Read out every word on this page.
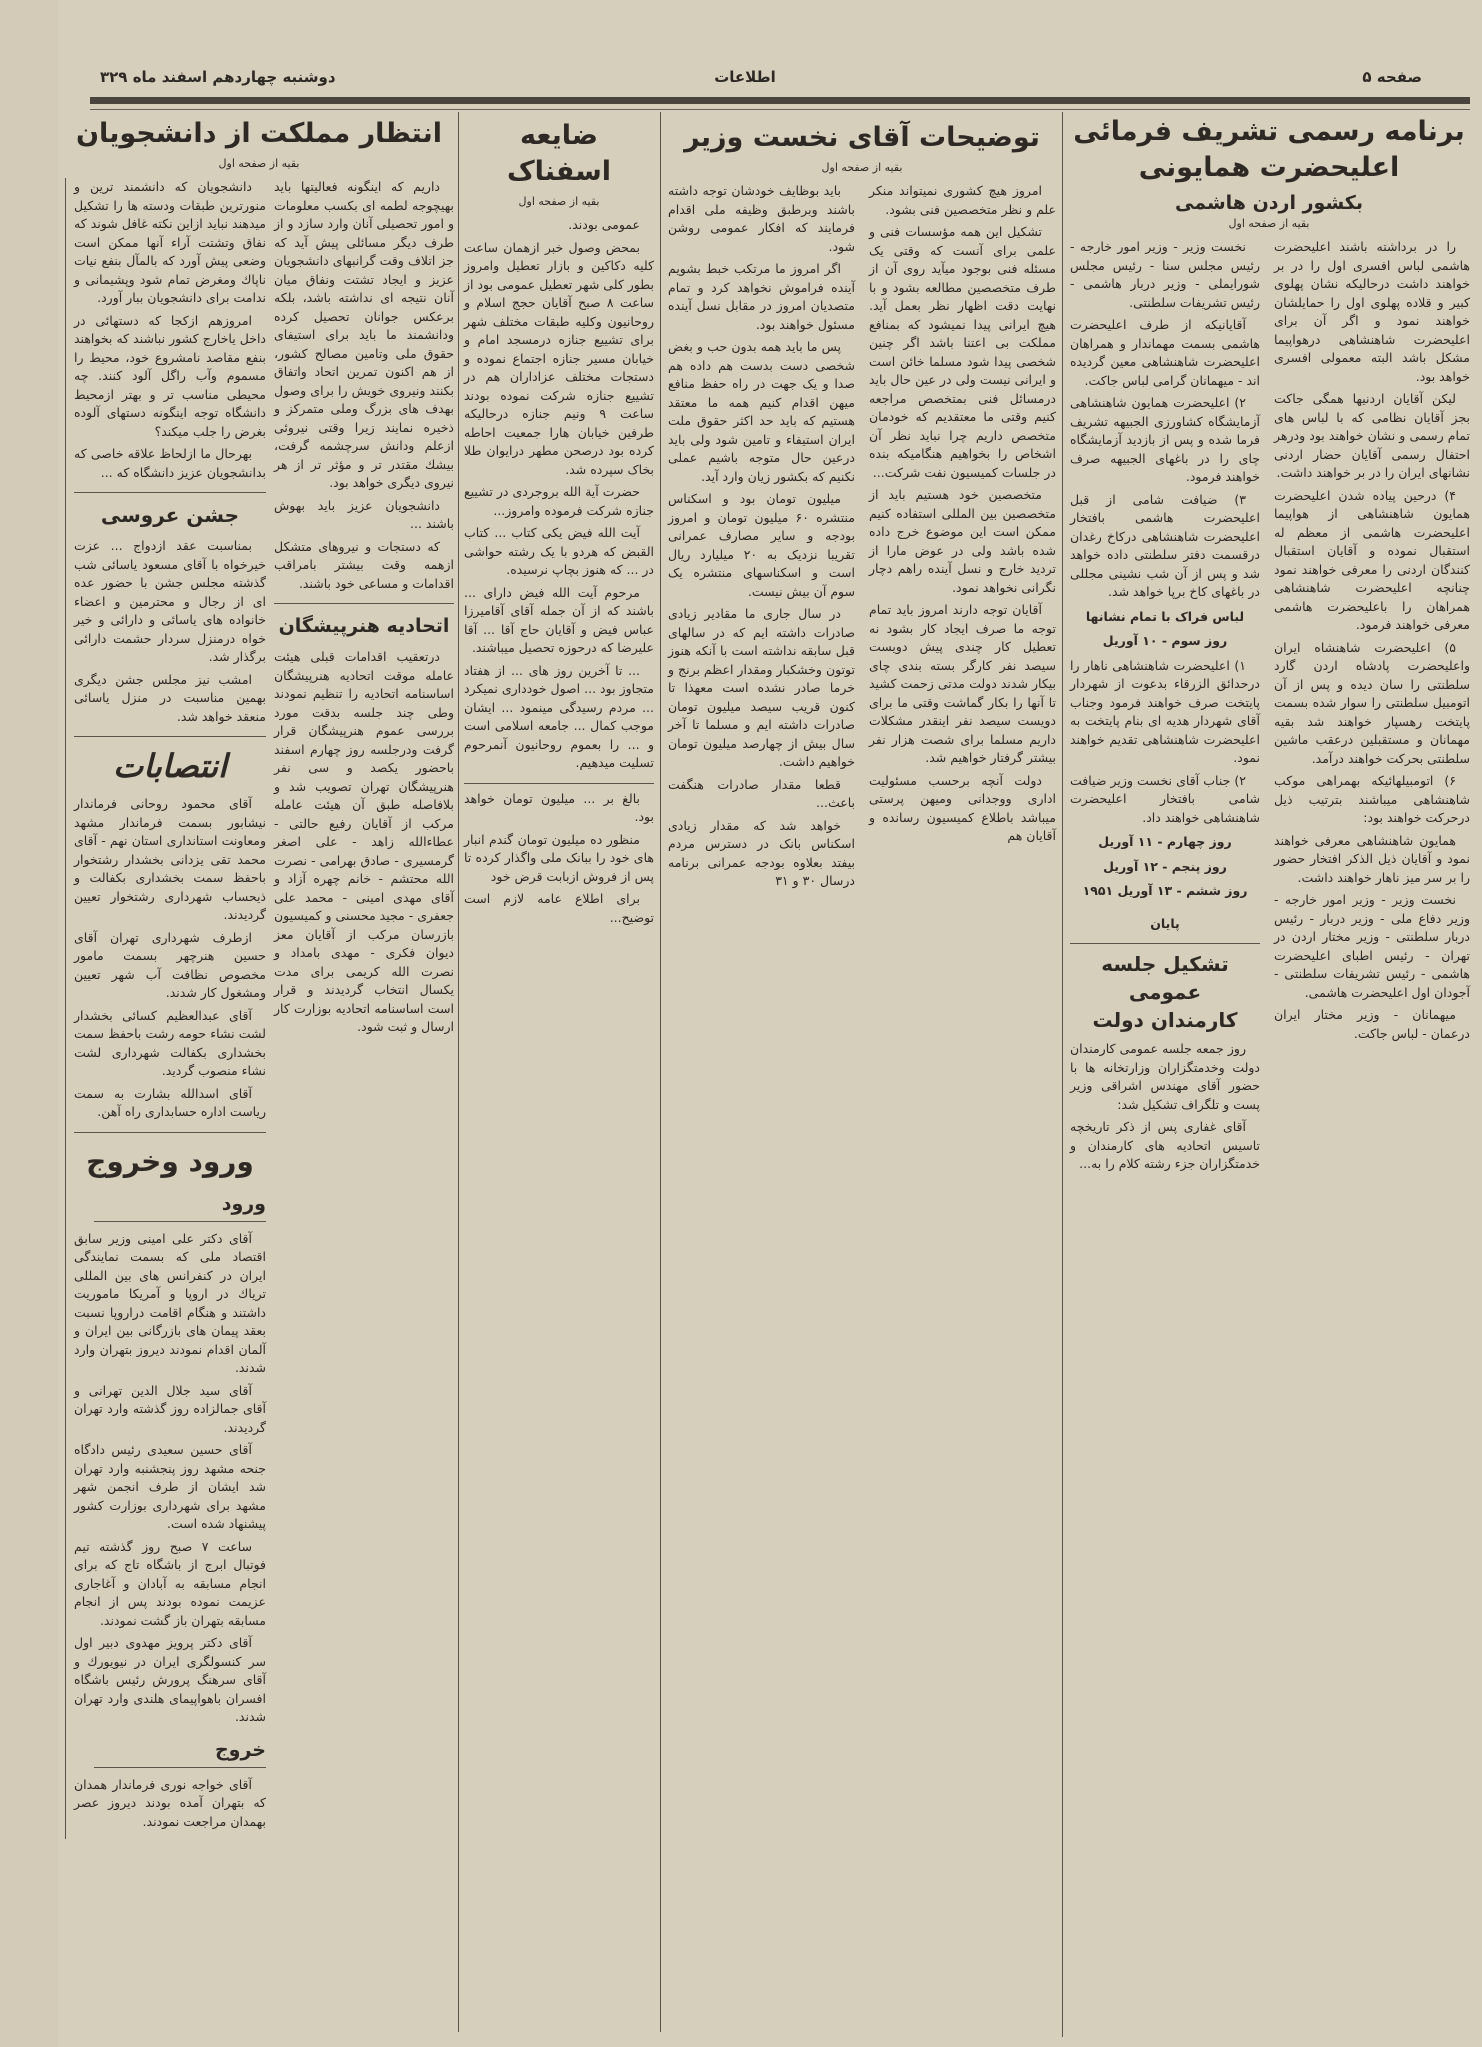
صفحه ۵
اطلاعات
دوشنبه چهاردهم اسفند ماه ۳۲۹
برنامه رسمی تشریف فرمائی اعلیحضرت همایونی
بکشور اردن هاشمی
بقیه از صفحه اول

را در برداشته باشند اعلیحضرت هاشمی لباس افسری اول را در بر خواهند داشت درحالیکه نشان پهلوی کبیر و قلاده پهلوی اول را حمایلشان خواهند نمود و اگر آن برای اعلیحضرت شاهنشاهی درهواپیما مشکل باشد البته معمولی افسری خواهد بود.

لیکن آقایان اردنیها همگی جاکت بجز آقایان نظامی که با لباس های تمام رسمی و نشان خواهند بود ودرهر احتفال رسمی آقایان حضار اردنی نشانهای ایران را در بر خواهند داشت.

۴) درحین پیاده شدن اعلیحضرت همایون شاهنشاهی از هواپیما اعلیحضرت هاشمی از معظم له استقبال نموده و آقایان استقبال کنندگان اردنی را معرفی خواهند نمود چنانچه اعلیحضرت شاهنشاهی همراهان را باعلیحضرت هاشمی معرفی خواهند فرمود.

۵) اعلیحضرت شاهنشاه ایران واعلیحضرت پادشاه اردن گارد سلطنتی را سان دیده و پس از آن اتومبیل سلطنتی را سوار شده بسمت پایتخت رهسپار خواهند شد بقیه مهمانان و مستقبلین درعقب ماشین سلطنتی بحرکت خواهند درآمد.

۶) اتومبیلهائیکه بهمراهی موکب شاهنشاهی میباشند بترتیب ذیل درحرکت خواهند بود:

همایون شاهنشاهی معرفی خواهند نمود و آقایان ذیل الذکر افتخار حضور را بر سر میز ناهار خواهند داشت.

نخست وزیر - وزیر امور خارجه - وزیر دفاع ملی - وزیر دربار - رئیس دربار سلطنتی - وزیر مختار اردن در تهران - رئیس اطبای اعلیحضرت هاشمی - رئیس تشریفات سلطنتی - آجودان اول اعلیحضرت هاشمی.

میهمانان - وزیر مختار ایران درعمان - لباس جاکت.

نخست وزیر - وزیر امور خارجه - رئیس مجلس سنا - رئیس مجلس شورایملی - وزیر دربار هاشمی - رئیس تشریفات سلطنتی.

آقایانیکه از طرف اعلیحضرت هاشمی بسمت مهماندار و همراهان اعلیحضرت شاهنشاهی معین گردیده اند - میهمانان گرامی لباس جاکت.

۲) اعلیحضرت همایون شاهنشاهی آزمایشگاه کشاورزی الجبیهه تشریف فرما شده و پس از بازدید آزمایشگاه چای را در باغهای الجبیهه صرف خواهند فرمود.

۳) ضیافت شامی از قبل اعلیحضرت هاشمی بافتخار اعلیحضرت شاهنشاهی درکاخ رغدان درقسمت دفتر سلطنتی داده خواهد شد و پس از آن شب نشینی مجللی در باغهای کاخ برپا خواهد شد.

لباس فراک با تمام نشانها

روز سوم - ۱۰ آوریل

۱) اعلیحضرت شاهنشاهی ناهار را درحدائق الزرقاء بدعوت از شهردار پایتخت صرف خواهند فرمود وجناب آقای شهردار هدیه ای بنام پایتخت به اعلیحضرت شاهنشاهی تقدیم خواهند نمود.

۲) جناب آقای نخست وزیر ضیافت شامی بافتخار اعلیحضرت شاهنشاهی خواهند داد.

روز چهارم - ۱۱ آوریل

روز پنجم - ۱۲ آوریل

روز ششم - ۱۳ آوریل ۱۹۵۱

پایان

تشکیل جلسه عمومی
کارمندان دولت

روز جمعه جلسه عمومی کارمندان دولت وخدمتگزاران وزارتخانه ها با حضور آقای مهندس اشراقی وزیر پست و تلگراف تشکیل شد:

آقای غفاری پس از ذکر تاریخچه تاسیس اتحادیه های کارمندان و خدمتگزاران جزء رشته کلام را به...

توضیحات آقای نخست وزیر
بقیه از صفحه اول

امروز هیچ کشوری نمیتواند منکر علم و نظر متخصصین فنی بشود.

تشکیل این همه مؤسسات فنی و علمی برای آنست که وقتی یک مسئله فنی بوجود میآید روی آن از طرف متخصصین مطالعه بشود و با نهایت دقت اظهار نظر بعمل آید. هیچ ایرانی پیدا نمیشود که بمنافع مملکت بی اعتنا باشد اگر چنین شخصی پیدا شود مسلما خائن است و ایرانی نیست ولی در عین حال باید درمسائل فنی بمتخصص مراجعه کنیم وقتی ما معتقدیم که خودمان متخصص داریم چرا نباید نظر آن اشخاص را بخواهیم هنگامیکه بنده در جلسات کمیسیون نفت شرکت...

متخصصین خود هستیم باید از متخصصین بین المللی استفاده کنیم ممکن است این موضوع خرج داده شده باشد ولی در عوض مارا از تردید خارج و نسل آینده راهم دچار نگرانی نخواهد نمود.

آقایان توجه دارند امروز باید تمام توجه ما صرف ایجاد کار بشود نه تعطیل کار چندی پیش دویست سیصد نفر کارگر بسته بندی چای بیکار شدند دولت مدتی زحمت کشید تا آنها را بکار گماشت وقتی ما برای دویست سیصد نفر اینقدر مشکلات داریم مسلما برای شصت هزار نفر بیشتر گرفتار خواهیم شد.

دولت آنچه برحسب مسئولیت اداری ووجدانی ومیهن پرستی میباشد باطلاع کمیسیون رسانده و آقایان هم

باید بوظایف خودشان توجه داشته باشند وبرطبق وظیفه ملی اقدام فرمایند که افکار عمومی روشن شود.

اگر امروز ما مرتکب خبط بشویم آینده فراموش نخواهد کرد و تمام متصدیان امروز در مقابل نسل آینده مسئول خواهند بود.

پس ما باید همه بدون حب و بغض شخصی دست بدست هم داده هم صدا و یک جهت در راه حفظ منافع میهن اقدام کنیم همه ما معتقد هستیم که باید حد اکثر حقوق ملت ایران استیفاء و تامین شود ولی باید درعین حال متوجه باشیم عملی نکنیم که بکشور زیان وارد آید.

میلیون تومان بود و اسکناس منتشره ۶۰ میلیون تومان و امروز بودجه و سایر مصارف عمرانی تقریبا نزدیک به ۲۰ میلیارد ریال است و اسکناسهای منتشره یک سوم آن بیش نیست.

در سال جاری ما مقادیر زیادی صادرات داشته ایم که در سالهای قبل سابقه نداشته است با آنکه هنوز توتون وخشکبار ومقدار اعظم برنج و خرما صادر نشده است معهذا تا کنون قریب سیصد میلیون تومان صادرات داشته ایم و مسلما تا آخر سال بیش از چهارصد میلیون تومان خواهیم داشت.

قطعا مقدار صادرات هنگفت باعث...

خواهد شد که مقدار زیادی اسکناس بانک در دسترس مردم بیفتد بعلاوه بودجه عمرانی برنامه درسال ۳۰ و ۳۱

ضایعه اسفناک
بقیه از صفحه اول

عمومی بودند.

بمحض وصول خبر ازهمان ساعت کلیه دکاکین و بازار تعطیل وامروز بطور کلی شهر تعطیل عمومی بود از ساعت ۸ صبح آقایان حجج اسلام و روحانیون وکلیه طبقات مختلف شهر برای تشییع جنازه درمسجد امام و خیابان مسیر جنازه اجتماع نموده و دستجات مختلف عزاداران هم در تشییع جنازه شرکت نموده بودند ساعت ۹ ونیم جنازه درحالیکه طرفین خیابان هارا جمعیت احاطه کرده بود درصحن مطهر درایوان طلا بخاک سپرده شد.

حضرت آیة الله بروجردی در تشییع جنازه شرکت فرموده وامروز...

آیت الله فیض یکی کتاب ... کتاب القبض که هردو با یک رشته حواشی در ... که هنوز بچاپ نرسیده.

مرحوم آیت الله فیض دارای ... باشند که از آن جمله آقای آقامیرزا عباس فیض و آقایان حاج آقا ... آقا علیرضا که درحوزه تحصیل میباشند.

... تا آخرین روز های ... از هفتاد متجاوز بود ... اصول خودداری نمیکرد ... مردم رسیدگی مینمود ... ایشان موجب کمال ... جامعه اسلامی است و ... را بعموم روحانیون آنمرحوم تسلیت میدهیم.

بالغ بر ... میلیون تومان خواهد بود.

منظور ده میلیون تومان گندم انبار های خود را ببانک ملی واگذار کرده تا پس از فروش ازبابت قرض خود

برای اطلاع عامه لازم است توضیح...

انتظار مملکت از دانشجویان
بقیه از صفحه اول

داریم که اینگونه فعالیتها باید بهیچوجه لطمه ای بکسب معلومات و امور تحصیلی آنان وارد سازد و از طرف دیگر مسائلی پیش آید که جز اتلاف وقت گرانبهای دانشجویان عزیز و ایجاد تشتت ونفاق میان آنان نتیجه ای نداشته باشد، بلکه برعکس جوانان تحصیل کرده ودانشمند ما باید برای استیفای حقوق ملی وتامین مصالح کشور، از هم اکنون تمرین اتحاد واتفاق بکنند ونیروی خویش را برای وصول بهدف های بزرگ وملی متمرکز و ذخیره نمایند زیرا وقتی نیروئی ازعلم ودانش سرچشمه گرفت، بیشك مقتدر تر و مؤثر تر از هر نیروی دیگری خواهد بود.

دانشجویان عزیز باید بهوش باشند ...

که دستجات و نیروهای متشکل ازهمه وقت بیشتر بامراقب اقدامات و مساعی خود باشند.

اتحادیه هنرپیشگان

درتعقیب اقدامات قبلی هیئت عامله موقت اتحادیه هنرپیشگان اساسنامه اتحادیه را تنظیم نمودند وطی چند جلسه بدقت مورد بررسی عموم هنرپیشگان قرار گرفت ودرجلسه روز چهارم اسفند باحضور یکصد و سی نفر هنرپیشگان تهران تصویب شد و بلافاصله طبق آن هیئت عامله مرکب از آقایان رفیع حالتی - عطاءالله زاهد - علی اصغر گرمسیری - صادق بهرامی - نصرت الله محتشم - خانم چهره آزاد و آقای مهدی امینی - محمد علی جعفری - مجید محسنی و کمیسیون بازرسان مرکب از آقایان معز دیوان فکری - مهدی بامداد و نصرت الله کریمی برای مدت یکسال انتخاب گردیدند و قرار است اساسنامه اتحادیه بوزارت کار ارسال و ثبت شود.

دانشجویان که دانشمند ترین و منورترین طبقات ودسته ها را تشکیل میدهند نباید ازاین نکته غافل شوند که نفاق وتشتت آراء آنها ممکن است وضعی پیش آورد که بالمآل بنفع نیات ناپاك ومغرض تمام شود وپشیمانی و ندامت برای دانشجویان ببار آورد.

امروزهم ازکجا که دستهائی در داخل یاخارج کشور نباشند که بخواهند بنفع مقاصد نامشروع خود، محیط را مسموم وآب راگل آلود کنند. چه محیطی مناسب تر و بهتر ازمحیط دانشگاه توجه اینگونه دستهای آلوده بغرض را جلب میکند؟

بهرحال ما ازلحاظ علاقه خاصی که بدانشجویان عزیز دانشگاه که ...

جشن عروسی

بمناسبت عقد ازدواج ... عزت خیرخواه با آقای مسعود یاسائی شب گذشته مجلس جشن با حضور عده ای از رجال و محترمین و اعضاء خانواده های یاسائی و دارائی و خیر خواه درمنزل سردار حشمت دارائی برگذار شد.

امشب نیز مجلس جشن دیگری بهمین مناسبت در منزل یاسائی منعقد خواهد شد.

انتصابات

آقای محمود روحانی فرماندار نیشابور بسمت فرماندار مشهد ومعاونت استانداری استان نهم - آقای محمد تقی یزدانی بخشدار رشتخوار باحفظ سمت بخشداری بکفالت و ذیحساب شهرداری رشتخوار تعیین گردیدند.

ازطرف شهرداری تهران آقای حسین هنرچهر بسمت مامور مخصوص نظافت آب شهر تعیین ومشغول کار شدند.

آقای عبدالعظیم کسائی بخشدار لشت نشاء حومه رشت باحفظ سمت بخشداری بکفالت شهرداری لشت نشاء منصوب گردید.

آقای اسدالله بشارت به سمت ریاست اداره حسابداری راه آهن.

ورود وخروج
ورود

آقای دکتر علی امینی وزیر سابق اقتصاد ملی که بسمت نمایندگی ایران در کنفرانس های بین المللی تریاك در اروپا و آمریکا ماموریت داشتند و هنگام اقامت دراروپا نسبت بعقد پیمان های بازرگانی بین ایران و آلمان اقدام نمودند دیروز بتهران وارد شدند.

آقای سید جلال الدین تهرانی و آقای جمالزاده روز گذشته وارد تهران گردیدند.

آقای حسین سعیدی رئیس دادگاه جنحه مشهد روز پنجشنبه وارد تهران شد ایشان از طرف انجمن شهر مشهد برای شهرداری بوزارت کشور پیشنهاد شده است.

ساعت ۷ صبح روز گذشته تیم فوتبال ابرج از باشگاه تاج که برای انجام مسابقه به آبادان و آغاجاری عزیمت نموده بودند پس از انجام مسابقه بتهران باز گشت نمودند.

آقای دکتر پرویز مهدوی دبیر اول سر کنسولگری ایران در نیویورك و آقای سرهنگ پرورش رئیس باشگاه افسران باهواپیمای هلندی وارد تهران شدند.

خروج

آقای خواجه نوری فرماندار همدان که بتهران آمده بودند دیروز عصر بهمدان مراجعت نمودند.
